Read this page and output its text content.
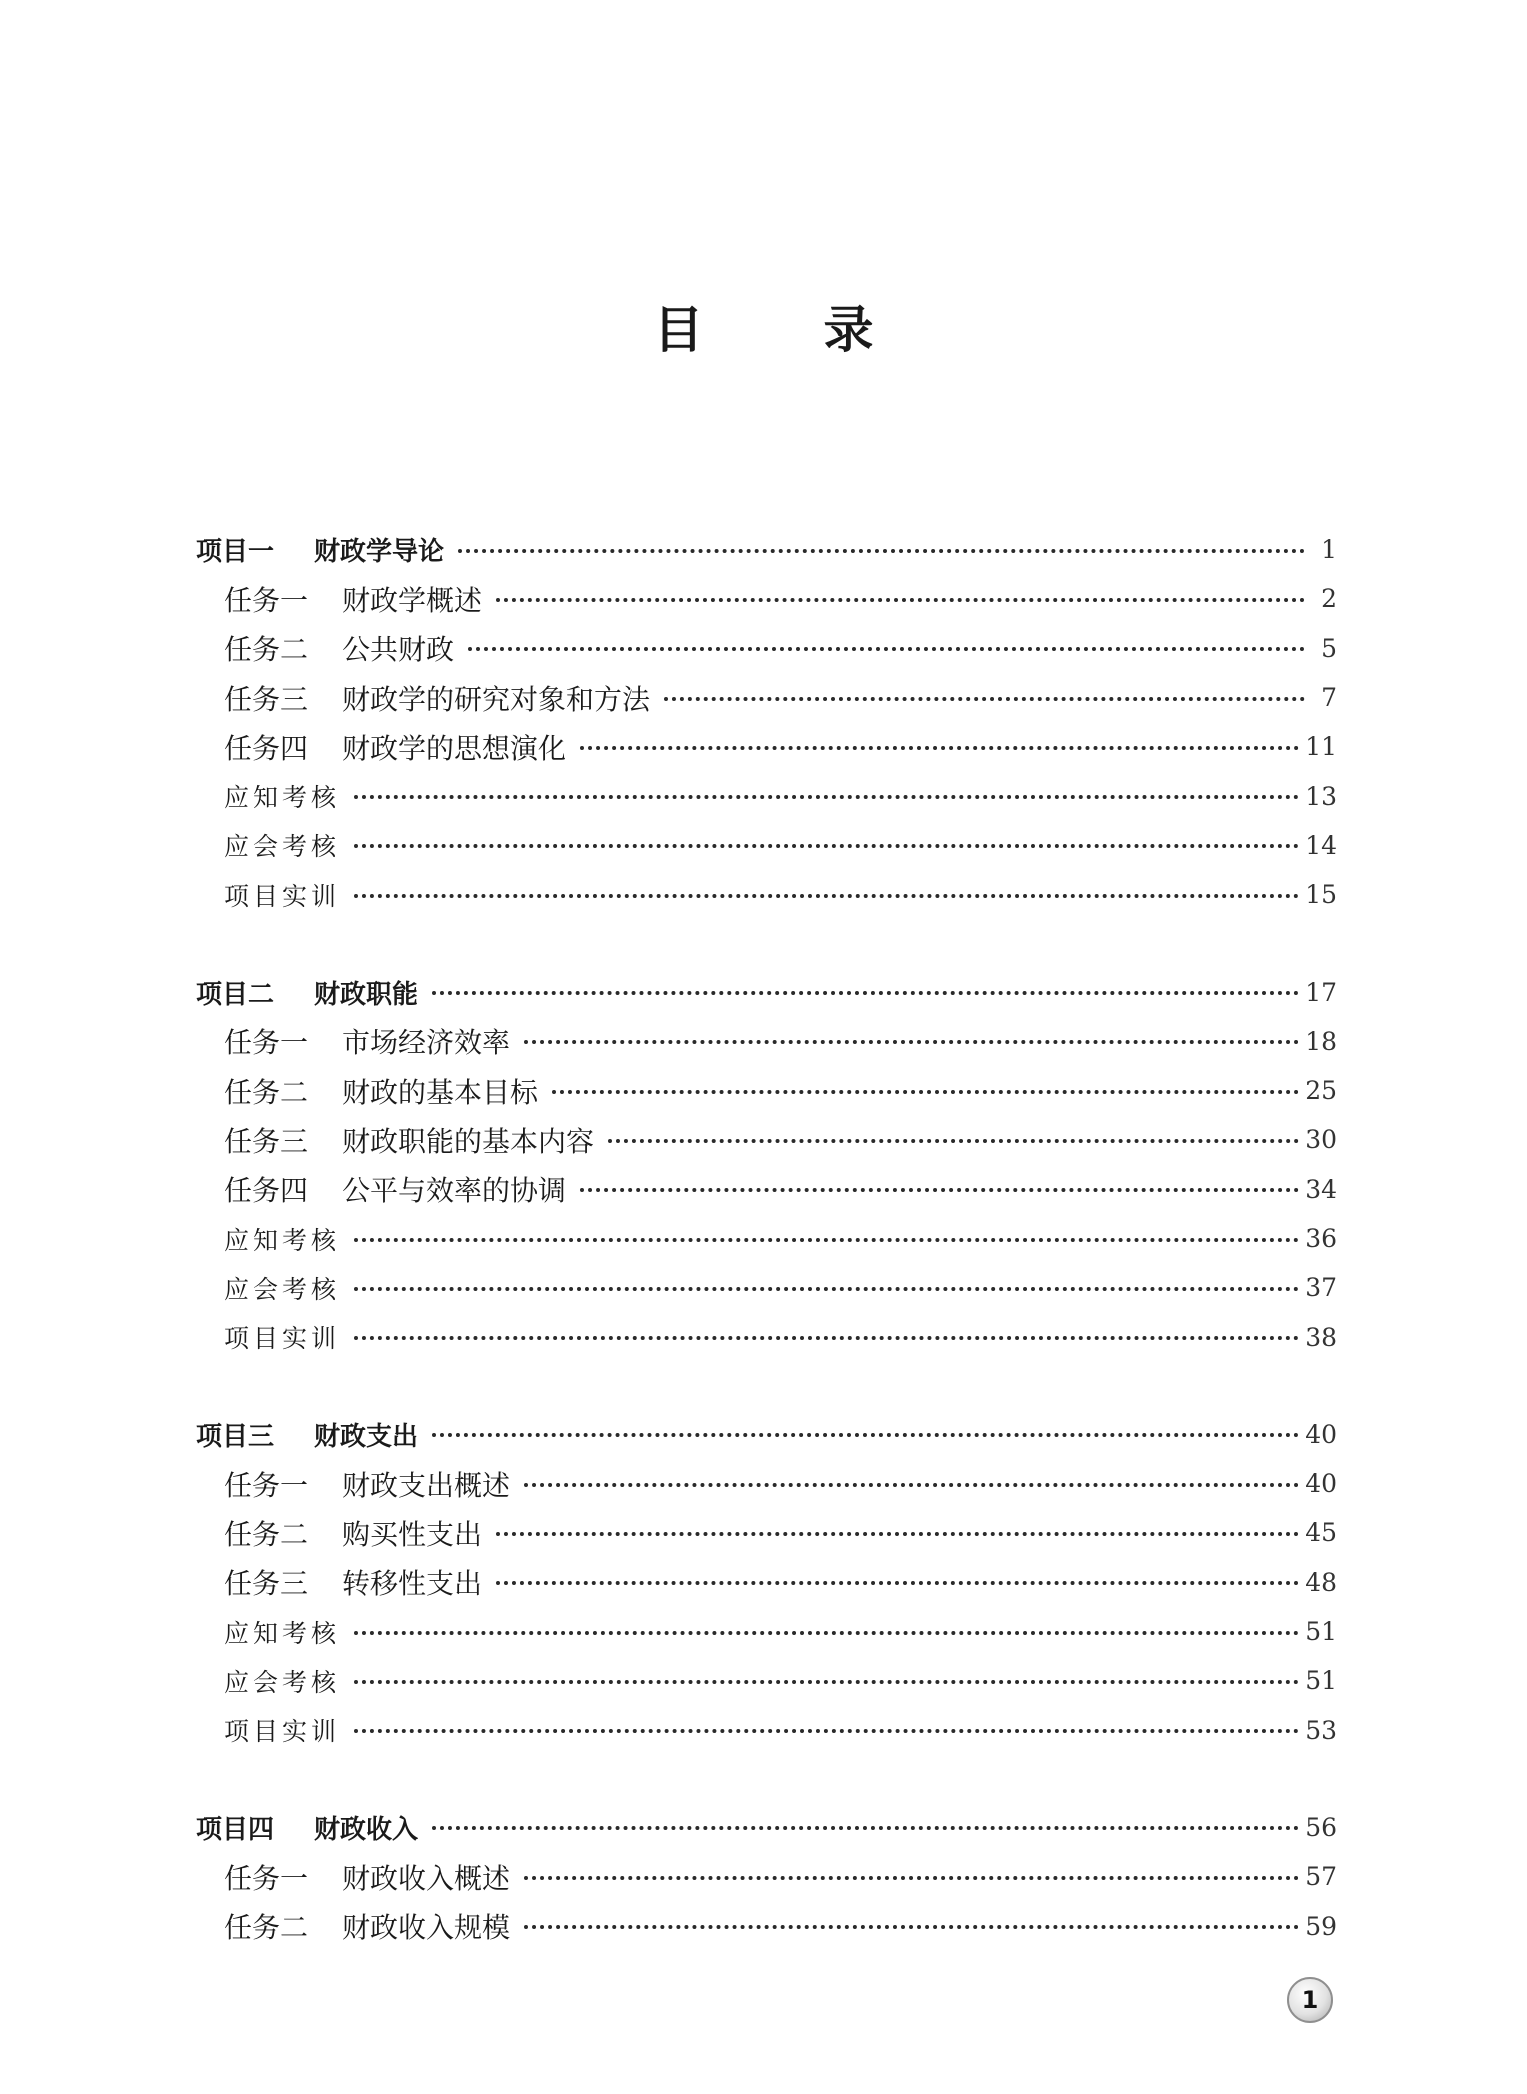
目 录
项目一	财政学导论	1
任务一	财政学概述	2
任务二	公共财政	5
任务三	财政学的研究对象和方法	7
任务四	财政学的思想演化	11
应知考核	13
应会考核	14
项目实训	15
项目二	财政职能	17
任务一	市场经济效率	18
任务二	财政的基本目标	25
任务三	财政职能的基本内容	30
任务四	公平与效率的协调	34
应知考核	36
应会考核	37
项目实训	38
项目三	财政支出	40
任务一	财政支出概述	40
任务二	购买性支出	45
任务三	转移性支出	48
应知考核	51
应会考核	51
项目实训	53
项目四	财政收入	56
任务一	财政收入概述	57
任务二	财政收入规模	59
1
